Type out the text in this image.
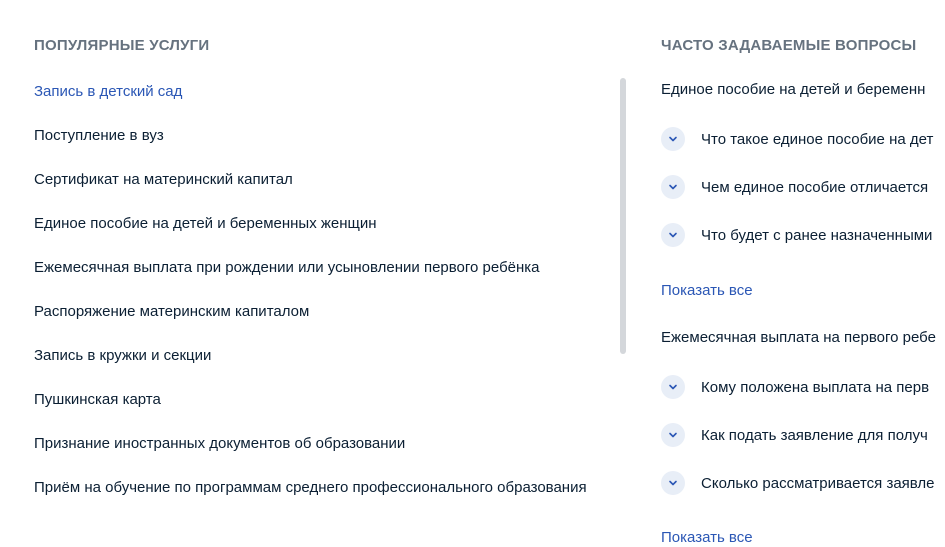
ПОПУЛЯРНЫЕ УСЛУГИ
Запись в детский сад
Поступление в вуз
Сертификат на материнский капитал
Единое пособие на детей и беременных женщин
Ежемесячная выплата при рождении или усыновлении первого ребёнка
Распоряжение материнским капиталом
Запись в кружки и секции
Пушкинская карта
Признание иностранных документов об образовании
Приём на обучение по программам среднего профессионального образования
ЧАСТО ЗАДАВАЕМЫЕ ВОПРОСЫ
Единое пособие на детей и беременн
Что такое единое пособие на дет
Чем единое пособие отличается
Что будет с ранее назначенными
Показать все
Ежемесячная выплата на первого ребе
Кому положена выплата на перв
Как подать заявление для получ
Сколько рассматривается заявле
Показать все
